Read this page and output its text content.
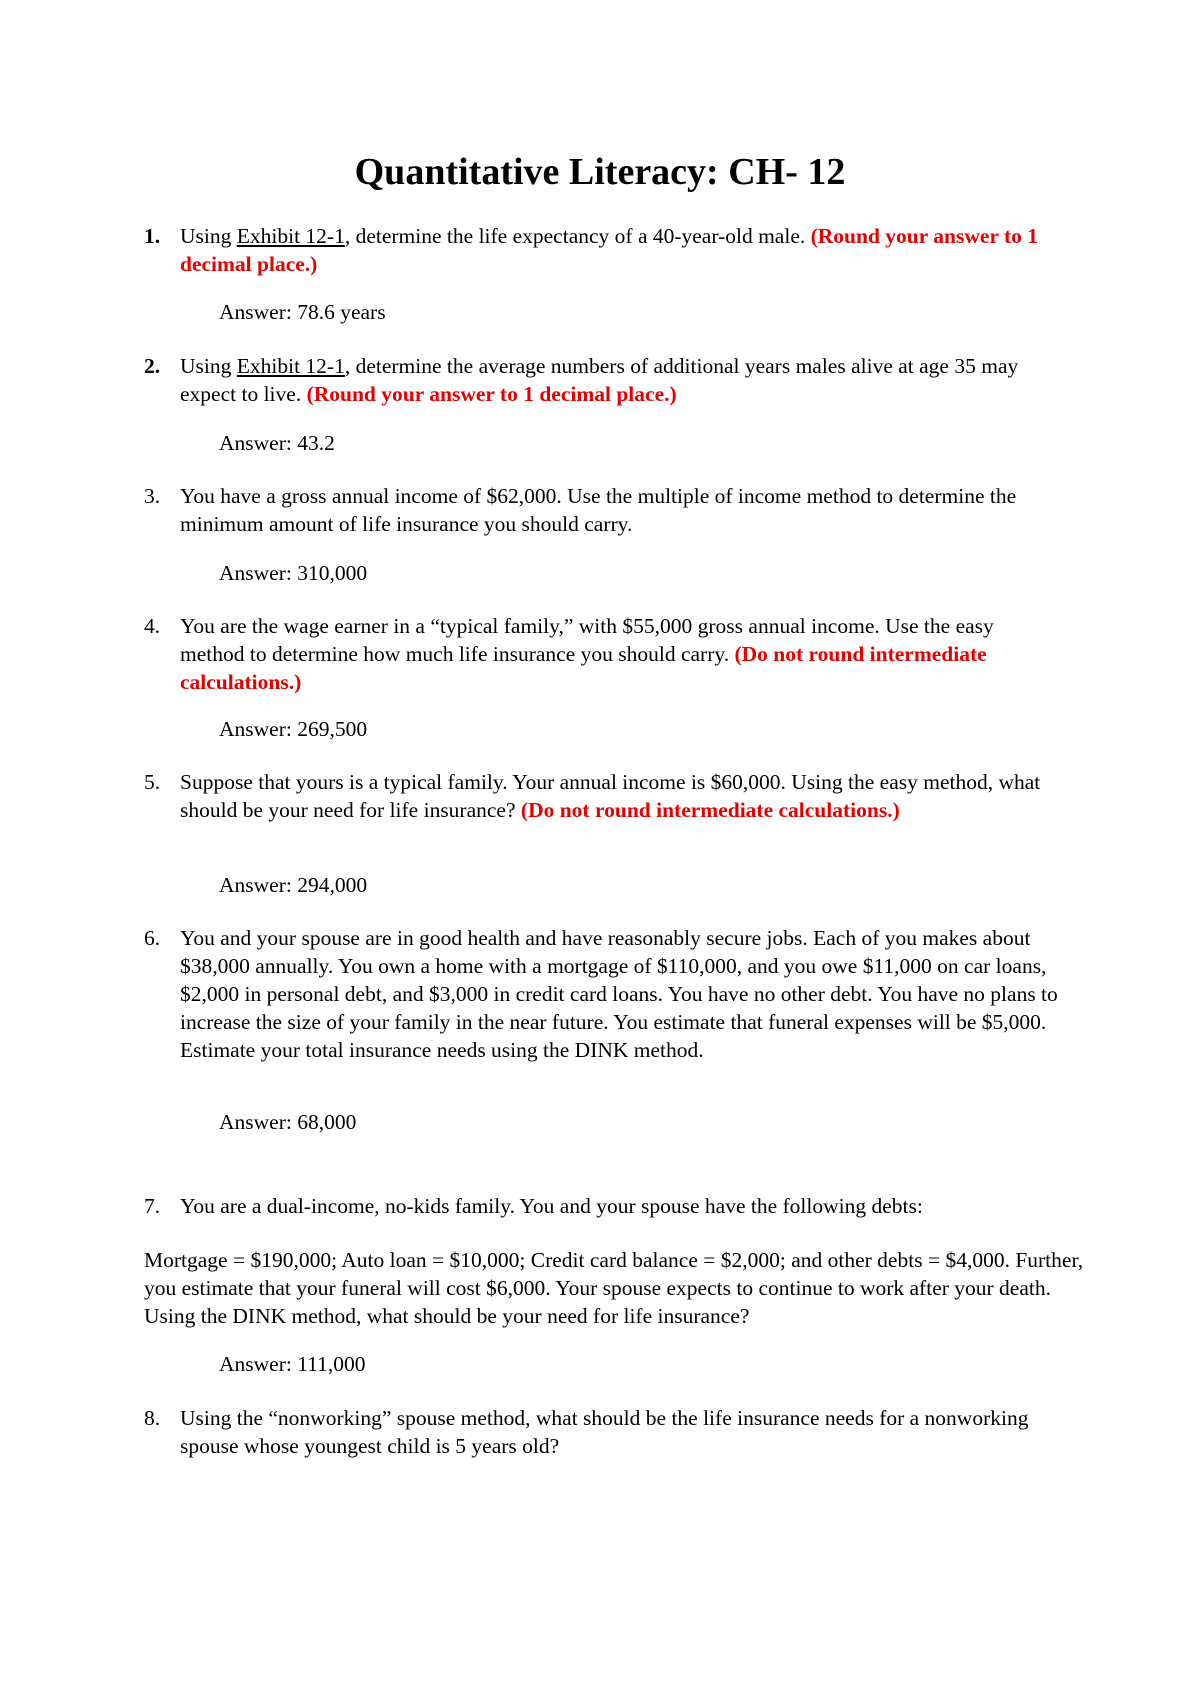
Quantitative Literacy: CH- 12
1. Using Exhibit 12-1, determine the life expectancy of a 40-year-old male. (Round your answer to 1 decimal place.)
Answer: 78.6 years
2. Using Exhibit 12-1, determine the average numbers of additional years males alive at age 35 may expect to live. (Round your answer to 1 decimal place.)
Answer: 43.2
3. You have a gross annual income of $62,000. Use the multiple of income method to determine the minimum amount of life insurance you should carry.
Answer: 310,000
4. You are the wage earner in a “typical family,” with $55,000 gross annual income. Use the easy method to determine how much life insurance you should carry. (Do not round intermediate calculations.)
Answer: 269,500
5. Suppose that yours is a typical family. Your annual income is $60,000. Using the easy method, what should be your need for life insurance? (Do not round intermediate calculations.)
Answer: 294,000
6. You and your spouse are in good health and have reasonably secure jobs. Each of you makes about $38,000 annually. You own a home with a mortgage of $110,000, and you owe $11,000 on car loans, $2,000 in personal debt, and $3,000 in credit card loans. You have no other debt. You have no plans to increase the size of your family in the near future. You estimate that funeral expenses will be $5,000. Estimate your total insurance needs using the DINK method.
Answer: 68,000
7. You are a dual-income, no-kids family. You and your spouse have the following debts:
Mortgage = $190,000; Auto loan = $10,000; Credit card balance = $2,000; and other debts = $4,000. Further, you estimate that your funeral will cost $6,000. Your spouse expects to continue to work after your death. Using the DINK method, what should be your need for life insurance?
Answer: 111,000
8. Using the “nonworking” spouse method, what should be the life insurance needs for a nonworking spouse whose youngest child is 5 years old?
